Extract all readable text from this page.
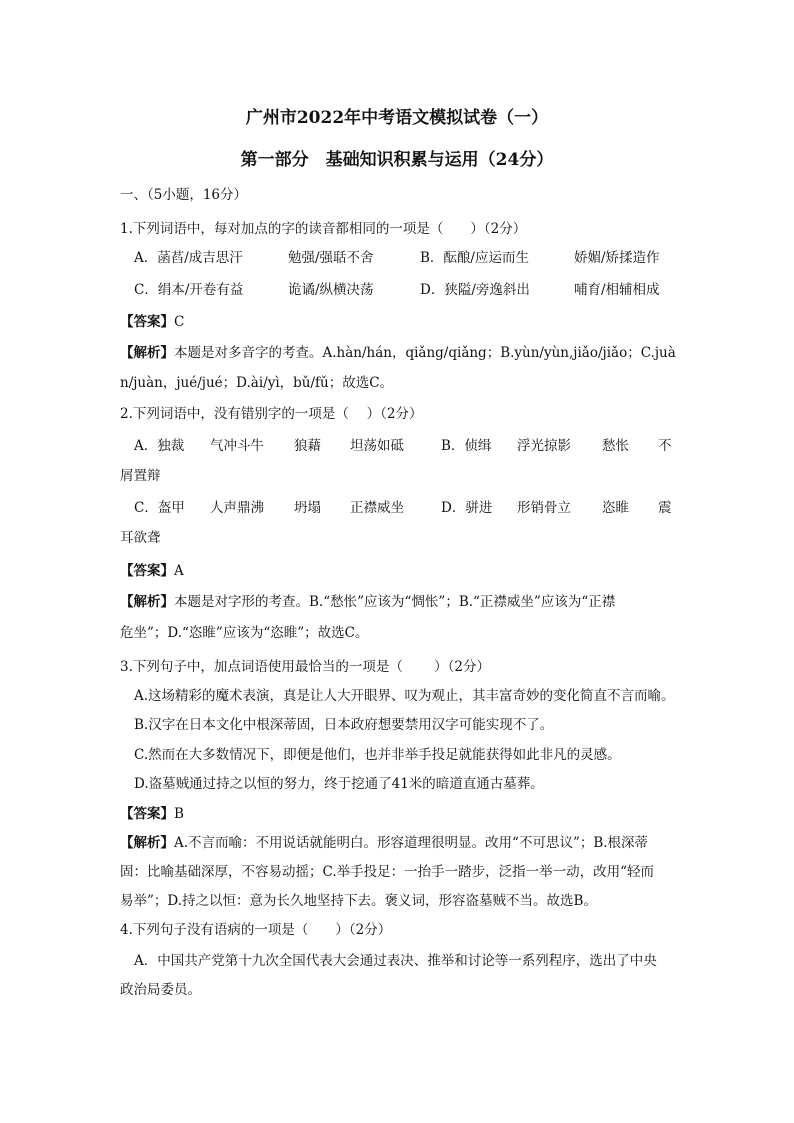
广州市2022年中考语文模拟试卷（一）
第一部分　基础知识积累与运用（24分）
一、（5小题，16分）
1.下列词语中，每对加点的字的读音都相同的一项是（　　）（2分）
A．菡萏/成吉思汗	勉强/强聒不舍	B．酝酿/应运而生	娇媚/矫揉造作
C．绢本/开卷有益	诡谲/纵横决荡	D．狭隘/旁逸斜出	哺育/相辅相成
【答案】C
【解析】本题是对多音字的考查。A.hàn/hán，qiǎng/qiǎng；B.yùn/yùn,jiǎo/jiǎo；C.juà
n/juàn，jué/jué；D.ài/yì，bǔ/fǔ；故选C。
2.下列词语中，没有错别字的一项是（　 ）（2分）
A．独裁 气冲斗牛 狼藉 坦荡如砥	B．侦缉 浮光掠影 愁怅 不
屑置辩
C．盔甲 人声鼎沸 坍塌 正襟威坐	D．骈进 形销骨立 恣睢 震
耳欲聋
【答案】A
【解析】本题是对字形的考查。B.“愁怅”应该为“惆怅”；B.“正襟威坐”应该为“正襟
危坐”；D.“恣睢”应该为“恣睢”；故选C。
3.下列句子中，加点词语使用最恰当的一项是（　　 ）（2分）
A.这场精彩的魔术表演，真是让人大开眼界、叹为观止，其丰富奇妙的变化简直不言而喻。
B.汉字在日本文化中根深蒂固，日本政府想要禁用汉字可能实现不了。
C.然而在大多数情况下，即便是他们，也并非举手投足就能获得如此非凡的灵感。
D.盗墓贼通过持之以恒的努力，终于挖通了41米的暗道直通古墓葬。
【答案】B
【解析】A.不言而喻：不用说话就能明白。形容道理很明显。改用“不可思议”；B.根深蒂
固：比喻基础深厚，不容易动摇；C.举手投足：一抬手一踏步，泛指一举一动，改用“轻而
易举”；D.持之以恒：意为长久地坚持下去。褒义词，形容盗墓贼不当。故选B。
4.下列句子没有语病的一项是（　　）（2分）
A．中国共产党第十九次全国代表大会通过表决、推举和讨论等一系列程序，选出了中央
政治局委员。
